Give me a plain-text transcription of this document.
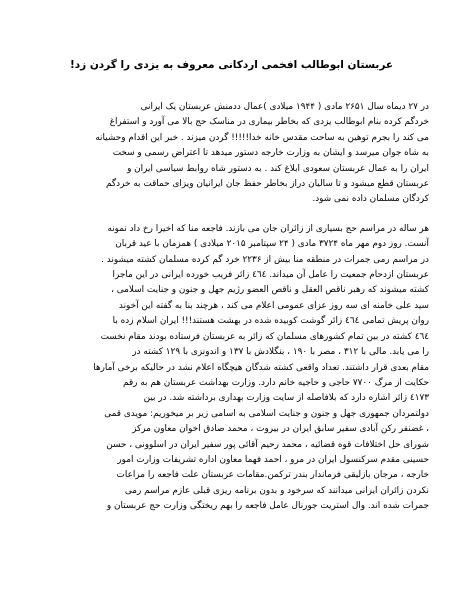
عربستان ابوطالب افخمی اردکانی معروف به یزدی را گردن زد!

در ۲۷ دیماه سال ۲۶۵۱ مادی ( ۱۹۴۴ میلادی )عمال ددمنش عربستان یک ایرانی
خردگم کرده بنام ابوطالب یزدی که بخاطر بیماری در مناسک حج بالا می آورد و استفراغ
می کند را بجرم توهین به ساحت مقدس خانه خدا!!!!! گردن میزند . خبر این اقدام وحشیانه
به شاه جوان میرسد و ایشان به وزارت خارجه دستور میدهد تا اعتراض رسمی و سخت
ایران را به عمال عربستان سعودی ابلاغ کند . به دستور شاه روابط سیاسی ایران و
عربستان قطع میشود و تا سالیان دراز بخاطر حفظ جان ایرانیان ویزای حماقت به خردگم
کردگان مسلمان داده نمی شود.

هر ساله در مراسم حج بسیاری از زائران جان می بازند. فاجعه منا که اخیرا رخ داد نمونه
آنست. روز دوم مهر ماه ۳۷۲۴ مادی ( ۲۴ سپتامبر ۲۰۱۵ میلادی ) همزمان با عید قربان
در مراسم رمی جمرات در منطقه منا بیش از ۲۲۳۶ خرد گم کرده مسلمان کشته میشوند .
عربستان ازدحام جمعیت را عامل آن میداند. ٤٦٤ زائر فریب خورده ایرانی در این ماجرا
کشته میشوند که رهبر ناقص العقل و ناقص العضو رژیم جهل و جنون و جنایت اسلامی ،
سید علی خامنه ای سه روز عزای عمومی اعلام می کند ، هرچند بنا به گفته این آخوند
روان پریش تمامی ٤٦٤ زائر گوشت کوبیده شده در بهشت هستند!!! ایران اسلام زده با
٤٦٤ کشته در بین تمام کشورهای مسلمان که زائر به عربستان فرستاده بودند مقام نخست
را می یابد. مالی با ۳۱۲ ، مصر با ۱۹۰ ، بنگلادش با ۱۳۷ و اندونزی با ۱۲۹ کشته در
مقام بعدی قرار داشتند. تعداد واقعی کشته شدگان هیچگاه اعلام نشد در حالیکه برخی آمارها
حکایت از مرگ ۷۷۰۰ حاجی و حاجیه خانم دارد. وزارت بهداشت عربستان هم به رقم
٤١٧٣ زائر اشاره دارد که بلافاصله از سایت وزارت بهداری برداشته شد. در بین
دولتمردان جمهوری جهل و جنون و جنایت اسلامی به اسامی زیر بر میخوریم: مویدی قمی
، غضنفر رکن آبادی سفیر سابق ایران در بیروت ، محمد صادق اخوان معاون مرکز
شورای حل اختلافات قوه قضائیه ، محمد رحیم آقائی پور سفیر ایران در اسلوونی ، حسن
حسینی مقدم سرکنسول ایران در مرو ، احمد فهما معاون اداره تشریفات وزارت امور
خارجه ، مرجان بازلیقی فرماندار بندر ترکمن.مقامات عربستان علت فاجعه را مراعات
نکردن زائران ایرانی میدانند که سرخود و بدون برنامه ریزی قبلی عازم مراسم رمی
جمرات شده اند. وال استریت جورنال عامل فاجعه را بهم ریختگی وزارت حج عربستان و
